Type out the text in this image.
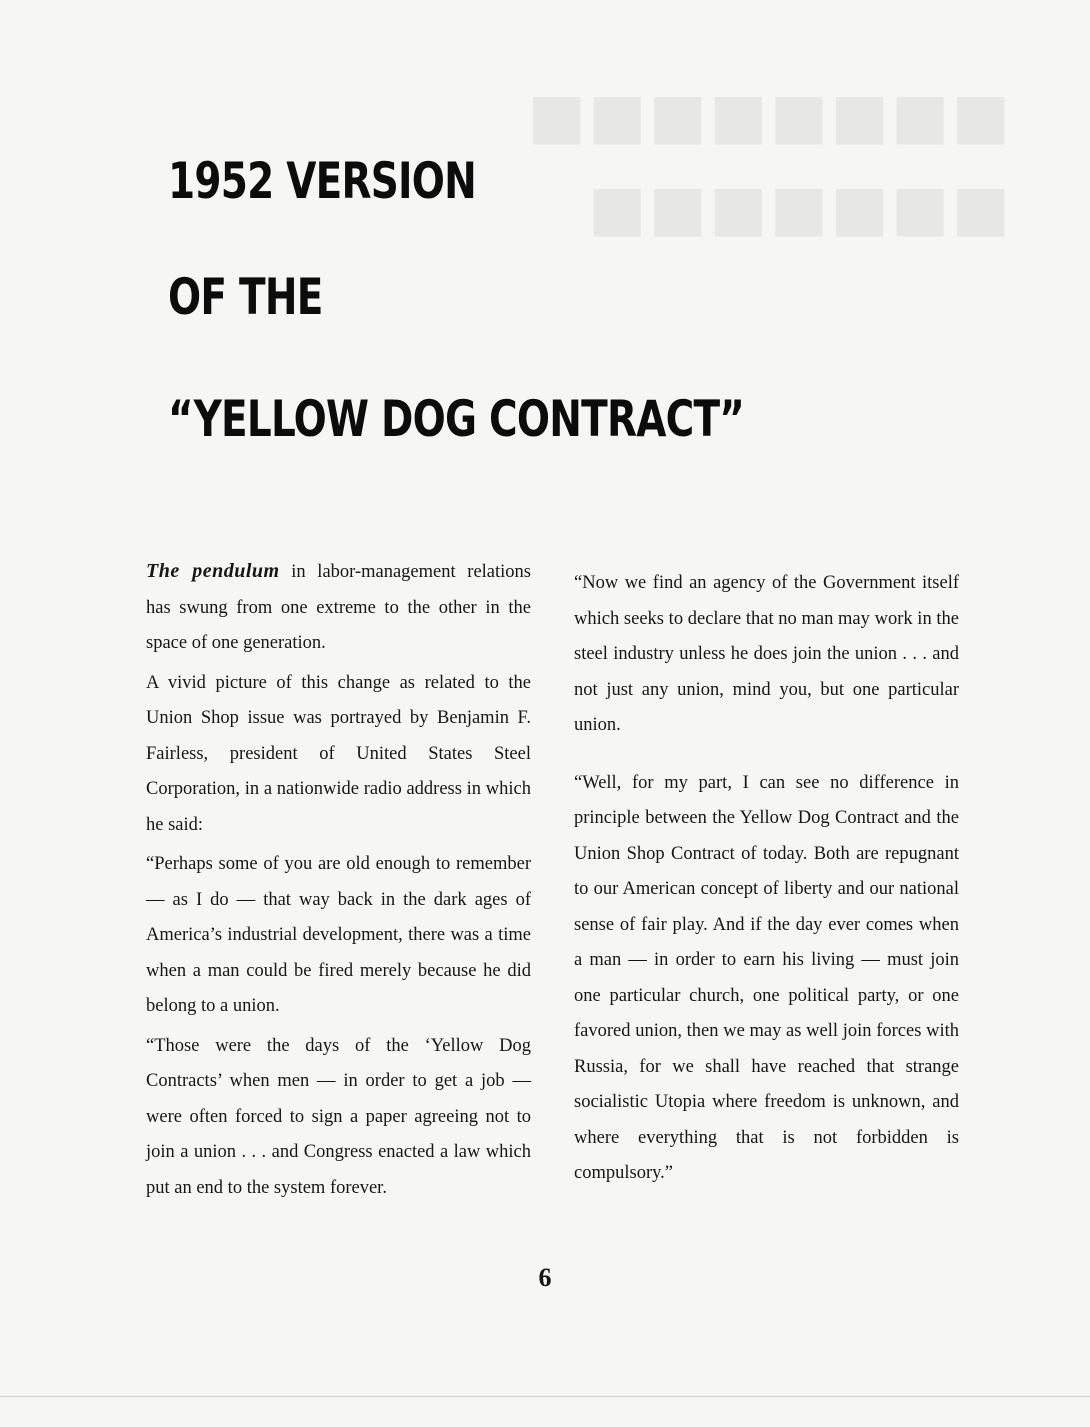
■■■■■■■■
■■■■■■■
1952 VERSION
OF THE
“YELLOW DOG CONTRACT”

The pendulum in labor-management relations has swung from one extreme to the other in the space of one generation.

A vivid picture of this change as related to the Union Shop issue was portrayed by Benjamin F. Fairless, president of United States Steel Corporation, in a nationwide radio address in which he said:

“Perhaps some of you are old enough to remember — as I do — that way back in the dark ages of America’s industrial development, there was a time when a man could be fired merely because he did belong to a union.

“Those were the days of the ‘Yellow Dog Contracts’ when men — in order to get a job — were often forced to sign a paper agreeing not to join a union . . . and Congress enacted a law which put an end to the system forever.

“Now we find an agency of the Government itself which seeks to declare that no man may work in the steel industry unless he does join the union . . . and not just any union, mind you, but one particular union.

“Well, for my part, I can see no difference in principle between the Yellow Dog Contract and the Union Shop Contract of today. Both are repugnant to our American concept of liberty and our national sense of fair play. And if the day ever comes when a man — in order to earn his living — must join one particular church, one political party, or one favored union, then we may as well join forces with Russia, for we shall have reached that strange socialistic Utopia where freedom is unknown, and where everything that is not forbidden is compulsory.”

6
